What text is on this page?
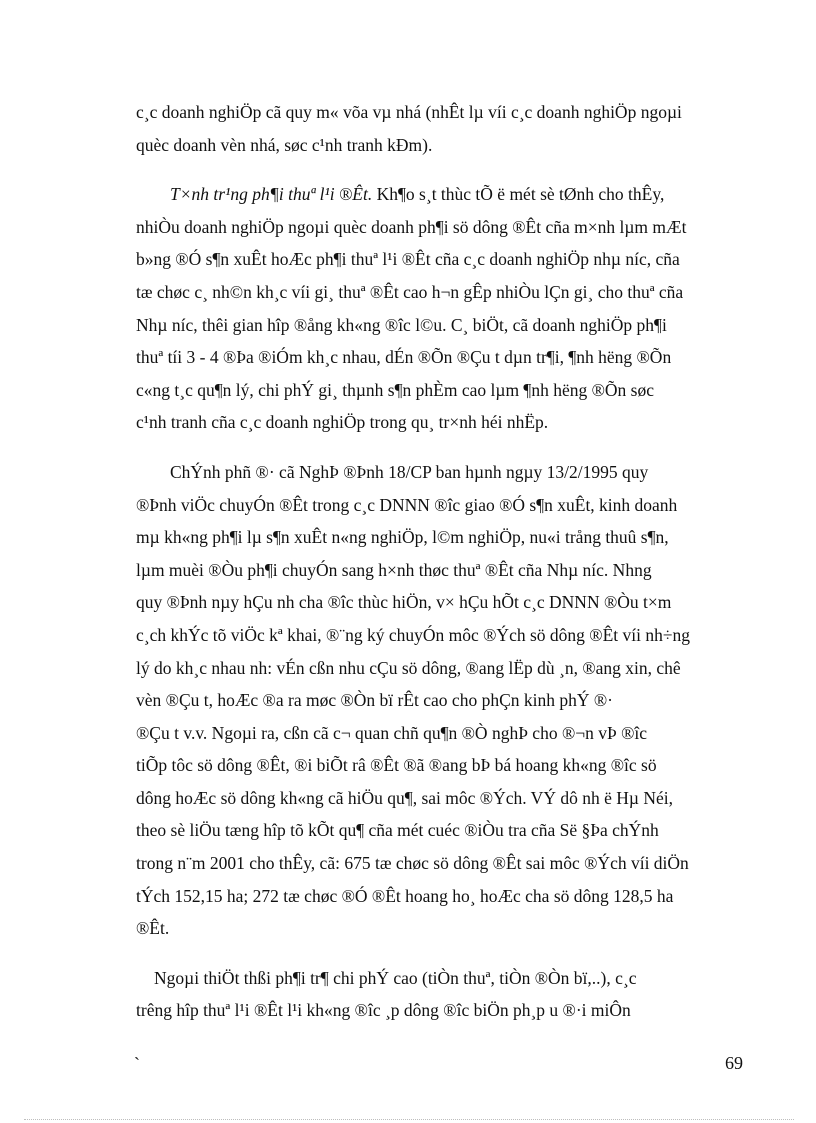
c¸c doanh nghiÖp cã quy m« võa vµ nhá (nhÊt lµ víi c¸c doanh nghiÖp ngoµi
quèc doanh vèn nhá, søc c¹nh tranh kÐm).

T×nh tr¹ng ph¶i thuª l¹i ®Êt. Kh¶o s¸t thùc tÕ ë mét sè tØnh cho thÊy,
nhiÒu doanh nghiÖp ngoµi quèc doanh ph¶i sö dông ®Êt cña m×nh lµm mÆt
b»ng ®Ó s¶n xuÊt hoÆc ph¶i thuª l¹i ®Êt cña c¸c doanh nghiÖp nhµ níc, cña
tæ chøc c¸ nh©n kh¸c víi gi¸ thuª ®Êt cao h¬n gÊp nhiÒu lÇn gi¸ cho thuª cña
Nhµ níc, thêi gian hîp ®ång kh«ng ®îc l©u. C¸ biÖt, cã doanh nghiÖp ph¶i
thuª tíi 3 - 4 ®Þa ®iÓm kh¸c nhau, dÉn ®Õn ®Çu t dµn tr¶i, ¶nh hëng ®Õn
c«ng t¸c qu¶n lý, chi phÝ gi¸ thµnh s¶n phÈm cao lµm ¶nh hëng ®Õn søc
c¹nh tranh cña c¸c doanh nghiÖp trong qu¸ tr×nh héi nhËp.

ChÝnh phñ ®· cã NghÞ ®Þnh 18/CP ban hµnh ngµy 13/2/1995 quy
®Þnh viÖc chuyÓn ®Êt trong c¸c DNNN ®îc giao ®Ó s¶n xuÊt, kinh doanh
mµ kh«ng ph¶i lµ s¶n xuÊt n«ng nghiÖp, l©m nghiÖp, nu«i trång thuû s¶n,
lµm muèi ®Òu ph¶i chuyÓn sang h×nh thøc thuª ®Êt cña Nhµ níc. Nhng
quy ®Þnh nµy hÇu nh cha ®îc thùc hiÖn, v× hÇu hÕt c¸c DNNN ®Òu t×m
c¸ch khÝc tõ viÖc kª khai, ®¨ng ký chuyÓn môc ®Ých sö dông ®Êt víi nh÷ng
lý do kh¸c nhau nh: vÉn cßn nhu cÇu sö dông, ®ang lËp dù ¸n, ®ang xin, chê
vèn ®Çu t, hoÆc ®a ra møc ®Òn bï rÊt cao cho phÇn kinh phÝ ®·
®Çu t v.v. Ngoµi ra, cßn cã c¬ quan chñ qu¶n ®Ò nghÞ cho ®¬n vÞ ®îc
tiÕp tôc sö dông ®Êt, ®i biÕt râ ®Êt ®ã ®ang bÞ bá hoang kh«ng ®îc sö
dông hoÆc sö dông kh«ng cã hiÖu qu¶, sai môc ®Ých. VÝ dô nh ë Hµ Néi,
theo sè liÖu tæng hîp tõ kÕt qu¶ cña mét cuéc ®iÒu tra cña Së §Þa chÝnh
trong n¨m 2001 cho thÊy, cã: 675 tæ chøc sö dông ®Êt sai môc ®Ých víi diÖn
tÝch 152,15 ha; 272 tæ chøc ®Ó ®Êt hoang ho¸ hoÆc cha sö dông 128,5 ha
®Êt.

Ngoµi thiÖt thßi ph¶i tr¶ chi phÝ cao (tiÒn thuª, tiÒn ®Òn bï,..), c¸c
trêng hîp thuª l¹i ®Êt l¹i kh«ng ®îc ¸p dông ®îc biÖn ph¸p u ®·i miÔn

`	69
